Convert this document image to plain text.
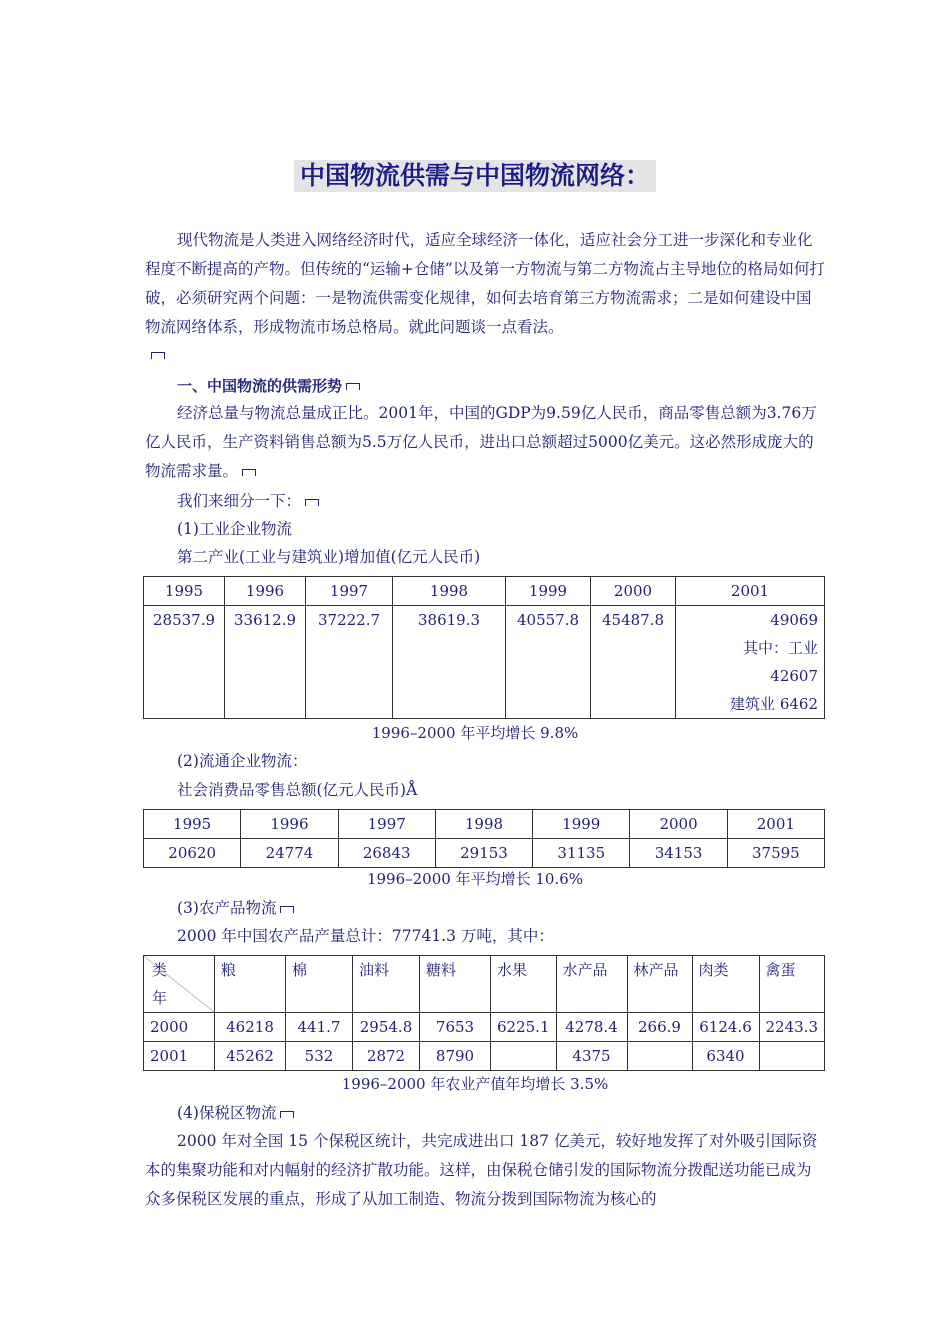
中国物流供需与中国物流网络：

现代物流是人类进入网络经济时代，适应全球经济一体化，适应社会分工进一步深化和专业化程度不断提高的产物。但传统的“运输+仓储”以及第一方物流与第二方物流占主导地位的格局如何打破，必须研究两个问题：一是物流供需变化规律，如何去培育第三方物流需求；二是如何建设中国物流网络体系，形成物流市场总格局。就此问题谈一点看法。

一、中国物流的供需形势

经济总量与物流总量成正比。2001年，中国的GDP为9.59亿人民币，商品零售总额为3.76万亿人民币，生产资料销售总额为5.5万亿人民币，进出口总额超过5000亿美元。这必然形成庞大的物流需求量。

我们来细分一下：
(1)工业企业物流
第二产业(工业与建筑业)增加值(亿元人民币)
1995	1996	1997	1998	1999	2000	2001
28537.9	33612.9	37222.7	38619.3	40557.8	45487.8	49069
其中：工业
42607
建筑业 6462
1996–2000 年平均增长 9.8%
(2)流通企业物流：
社会消费品零售总额(亿元人民币)Å
1995	1996	1997	1998	1999	2000	2001
20620	24774	26843	29153	31135	34153	37595
1996–2000 年平均增长 10.6%
(3)农产品物流
2000 年中国农产品产量总计：77741.3 万吨，其中：
类
年	粮	棉	油料	糖料	水果	水产品	林产品	肉类	禽蛋
2000	46218	441.7	2954.8	7653	6225.1	4278.4	266.9	6124.6	2243.3
2001	45262	532	2872	8790		4375		6340	
1996–2000 年农业产值年均增长 3.5%
(4)保税区物流

2000 年对全国 15 个保税区统计，共完成进出口 187 亿美元，较好地发挥了对外吸引国际资本的集聚功能和对内幅射的经济扩散功能。这样，由保税仓储引发的国际物流分拨配送功能已成为众多保税区发展的重点，形成了从加工制造、物流分拨到国际物流为核心的
